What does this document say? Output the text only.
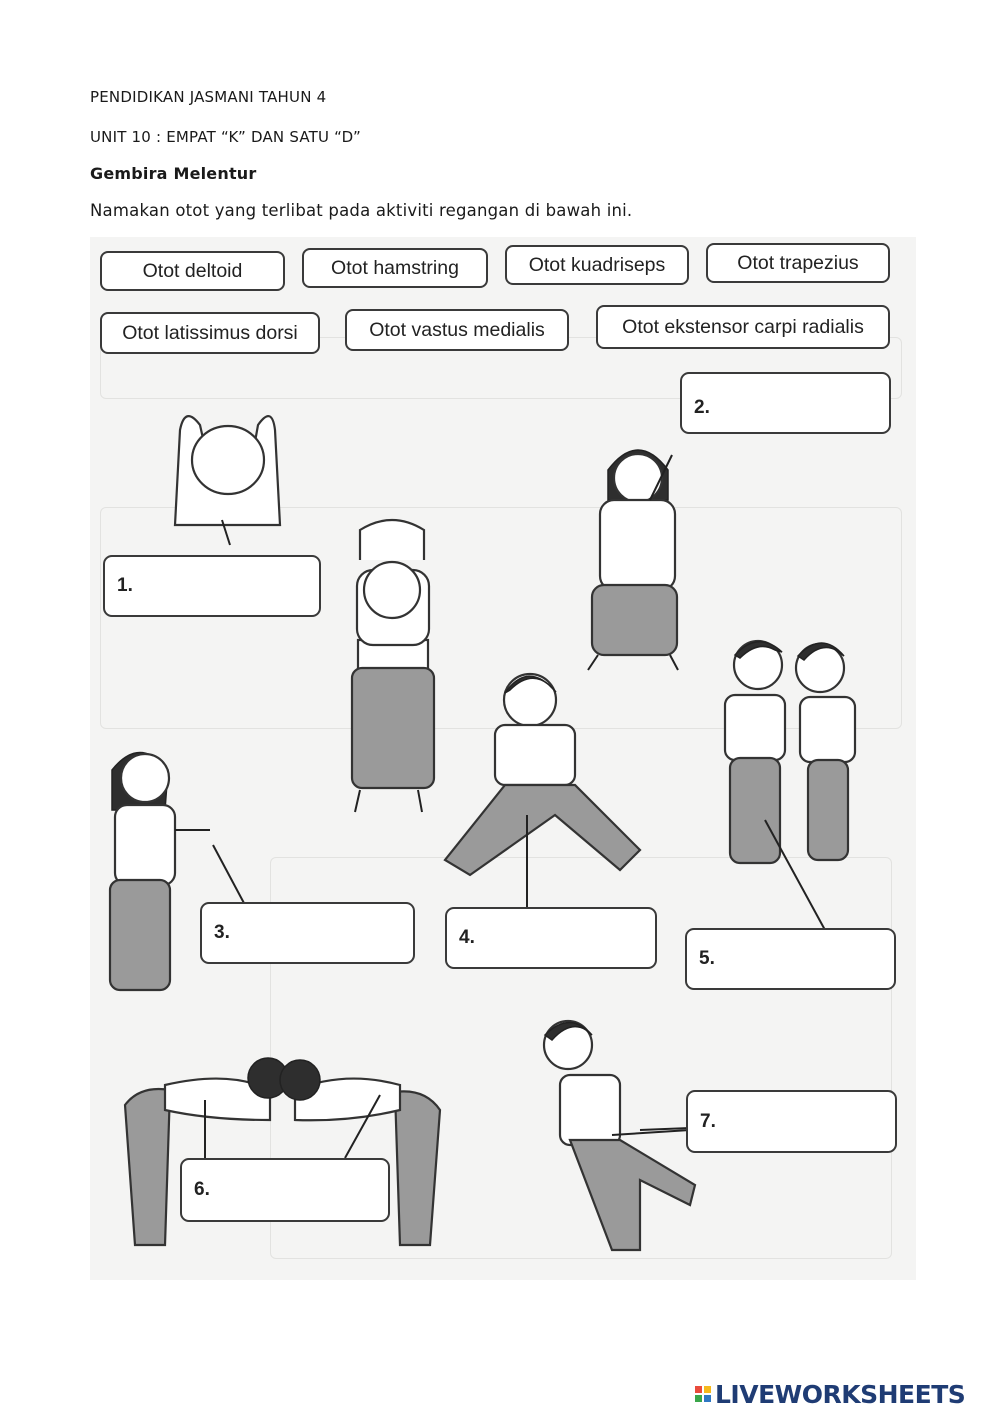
PENDIDIKAN JASMANI TAHUN 4
UNIT 10 : EMPAT “K” DAN SATU “D”
Gembira Melentur
Namakan otot yang terlibat pada aktiviti regangan di bawah ini.
Otot deltoid	Otot hamstring	Otot kuadriseps	Otot trapezius
Otot latissimus dorsi	Otot vastus medialis	Otot ekstensor carpi radialis
2.
1.
3.	4.
5.
7.
6.
LIVEWORKSHEETS
